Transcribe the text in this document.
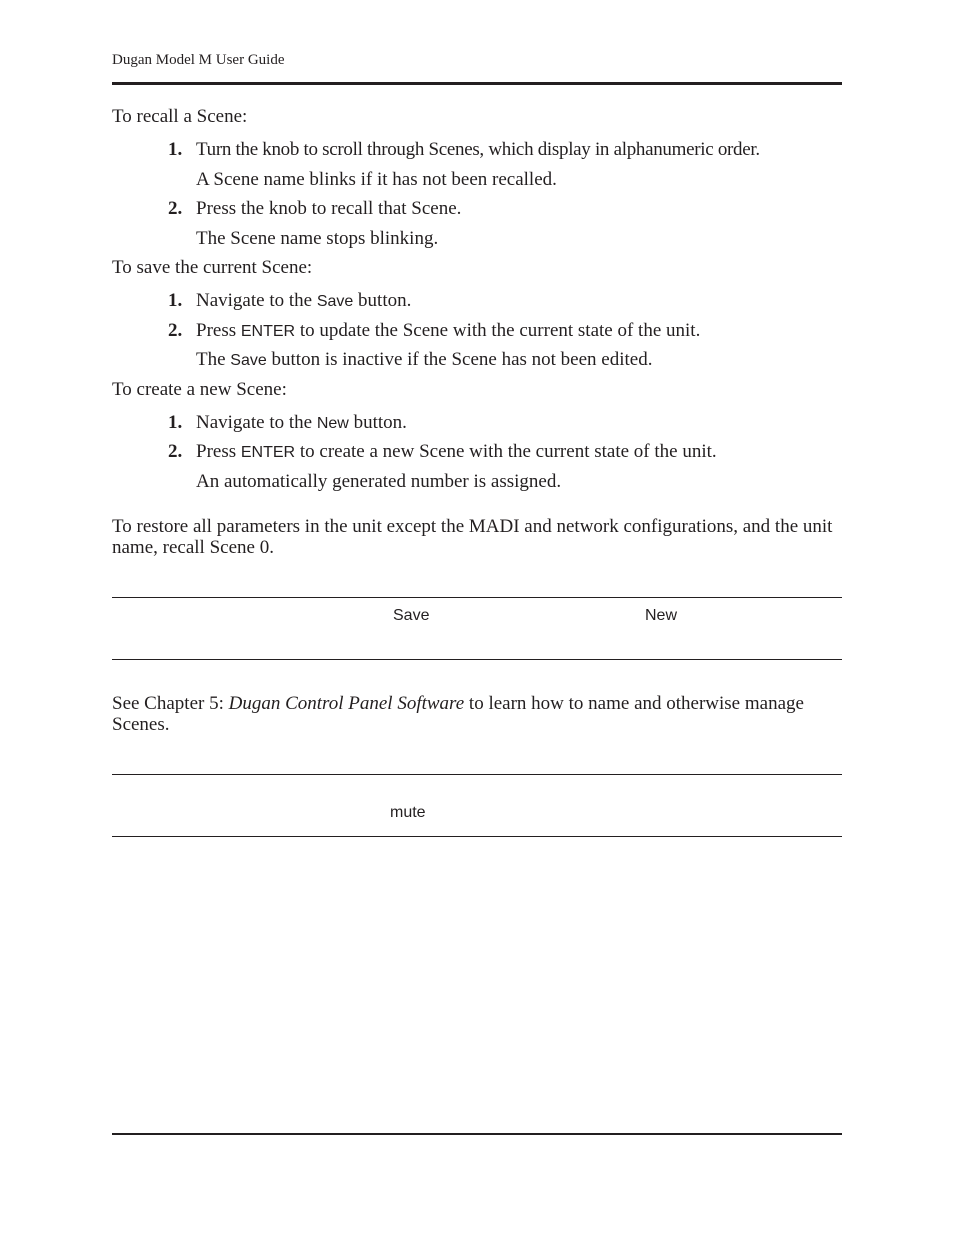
Dugan Model M User Guide
To recall a Scene:
1. Turn the knob to scroll through Scenes, which display in alphanumeric order.
A Scene name blinks if it has not been recalled.
2. Press the knob to recall that Scene.
The Scene name stops blinking.
To save the current Scene:
1. Navigate to the Save button.
2. Press ENTER to update the Scene with the current state of the unit.
The Save button is inactive if the Scene has not been edited.
To create a new Scene:
1. Navigate to the New button.
2. Press ENTER to create a new Scene with the current state of the unit.
An automatically generated number is assigned.
To restore all parameters in the unit except the MADI and network configurations, and the unit name, recall Scene 0.
Save	New
See Chapter 5: Dugan Control Panel Software to learn how to name and otherwise manage Scenes.
mute
